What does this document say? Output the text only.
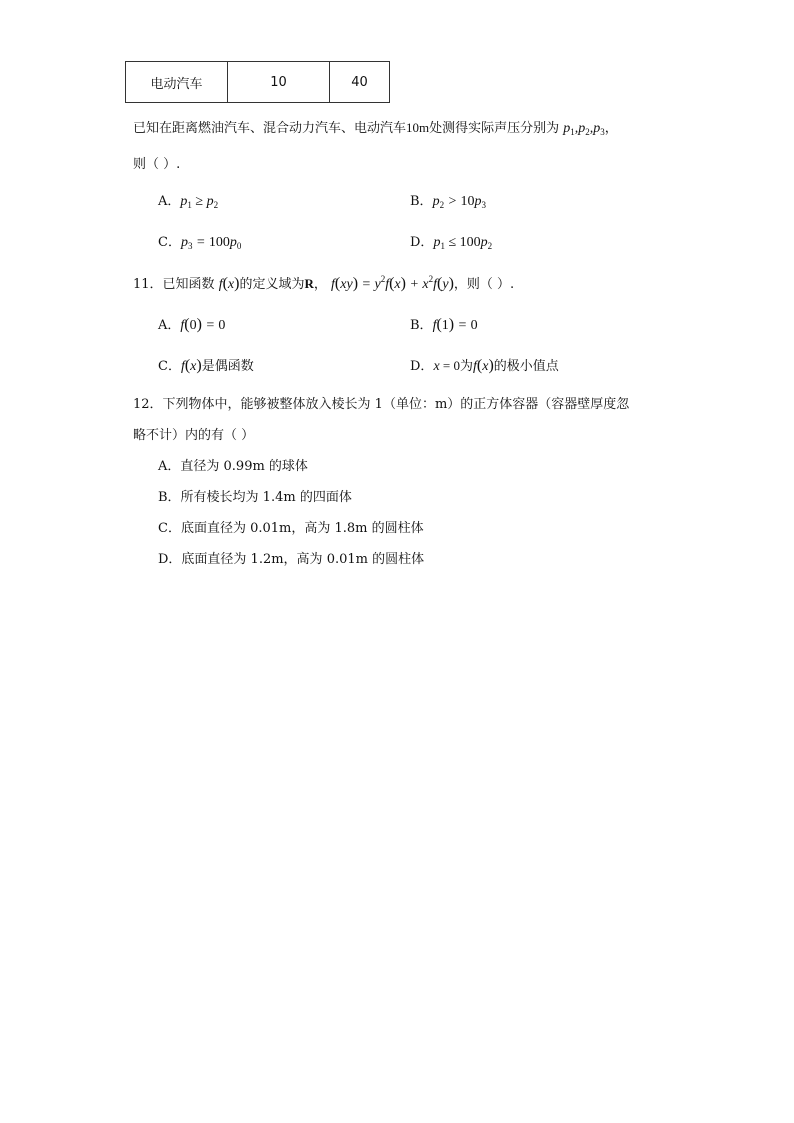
电动汽车	10	40
已知在距离燃油汽车、混合动力汽车、电动汽车10m处测得实际声压分别为 $p_1,p_2,p_3$，
则（ ）.
A．$p_1 \ge p_2$	B．$p_2 > 10p_3$
C．$p_3 = 100p_0$	D．$p_1 \le 100p_2$
11．已知函数 f(x)的定义域为R， $f(xy) = y^2f(x) + x^2f(y)$，则（ ）.
A．f(0) = 0	B．f(1) = 0
C．f(x)是偶函数	D．x = 0为f(x)的极小值点
12．下列物体中，能够被整体放入棱长为 1（单位：m）的正方体容器（容器壁厚度忽
略不计）内的有（ ）
A．直径为 0.99m 的球体
B．所有棱长均为 1.4m 的四面体
C．底面直径为 0.01m，高为 1.8m 的圆柱体
D．底面直径为 1.2m，高为 0.01m 的圆柱体
